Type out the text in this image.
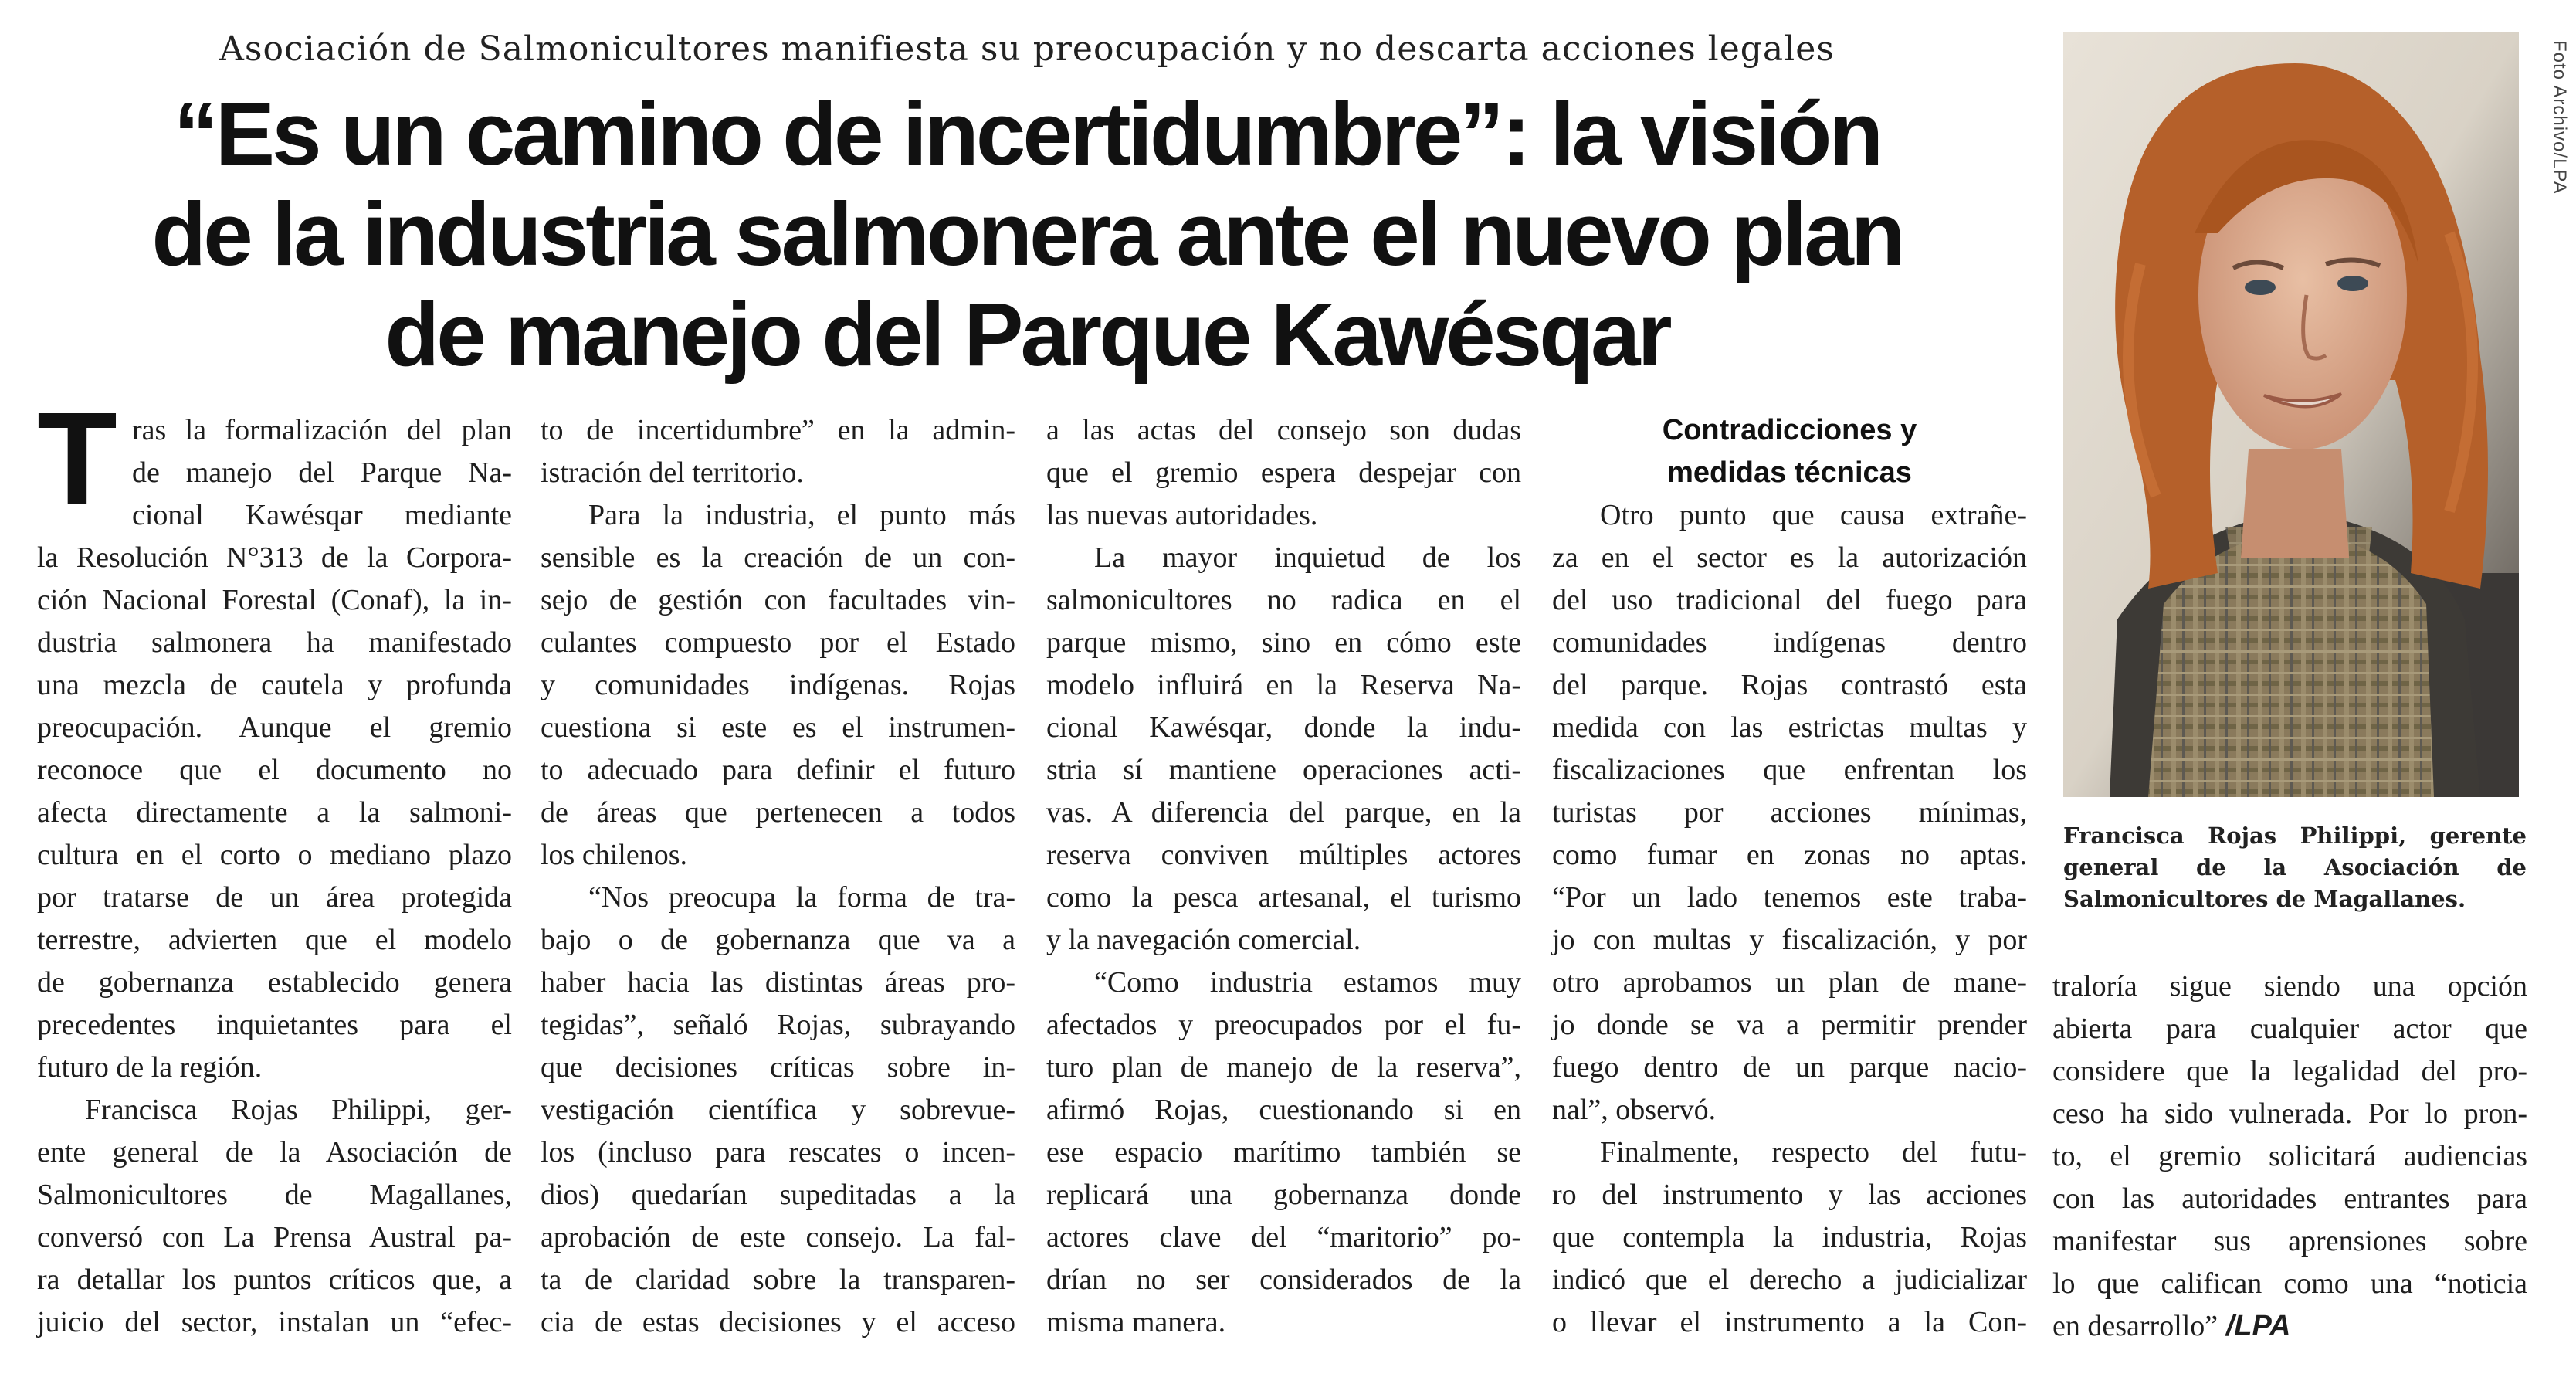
Asociación de Salmonicultores manifiesta su preocupación y no descarta acciones legales
“Es un camino de incertidumbre”: la visión
de la industria salmonera ante el nuevo plan
de manejo del Parque Kawésqar
T ras la formalización del plan
de manejo del Parque Na-
cional Kawésqar mediante
la Resolución N°313 de la Corpora-
ción Nacional Forestal (Conaf), la in-
dustria salmonera ha manifestado
una mezcla de cautela y profunda
preocupación. Aunque el gremio
reconoce que el documento no
afecta directamente a la salmoni-
cultura en el corto o mediano plazo
por tratarse de un área protegida
terrestre, advierten que el modelo
de gobernanza establecido genera
precedentes inquietantes para el
futuro de la región.
Francisca Rojas Philippi, ger-
ente general de la Asociación de
Salmonicultores de Magallanes,
conversó con La Prensa Austral pa-
ra detallar los puntos críticos que, a
juicio del sector, instalan un “efec-
to de incertidumbre” en la admin-
istración del territorio.
Para la industria, el punto más
sensible es la creación de un con-
sejo de gestión con facultades vin-
culantes compuesto por el Estado
y comunidades indígenas. Rojas
cuestiona si este es el instrumen-
to adecuado para definir el futuro
de áreas que pertenecen a todos
los chilenos.
“Nos preocupa la forma de tra-
bajo o de gobernanza que va a
haber hacia las distintas áreas pro-
tegidas”, señaló Rojas, subrayando
que decisiones críticas sobre in-
vestigación científica y sobrevue-
los (incluso para rescates o incen-
dios) quedarían supeditadas a la
aprobación de este consejo. La fal-
ta de claridad sobre la transparen-
cia de estas decisiones y el acceso
a las actas del consejo son dudas
que el gremio espera despejar con
las nuevas autoridades.
La mayor inquietud de los
salmonicultores no radica en el
parque mismo, sino en cómo este
modelo influirá en la Reserva Na-
cional Kawésqar, donde la indu-
stria sí mantiene operaciones acti-
vas. A diferencia del parque, en la
reserva conviven múltiples actores
como la pesca artesanal, el turismo
y la navegación comercial.
“Como industria estamos muy
afectados y preocupados por el fu-
turo plan de manejo de la reserva”,
afirmó Rojas, cuestionando si en
ese espacio marítimo también se
replicará una gobernanza donde
actores clave del “maritorio” po-
drían no ser considerados de la
misma manera.
Contradicciones y
medidas técnicas
Otro punto que causa extrañe-
za en el sector es la autorización
del uso tradicional del fuego para
comunidades indígenas dentro
del parque. Rojas contrastó esta
medida con las estrictas multas y
fiscalizaciones que enfrentan los
turistas por acciones mínimas,
como fumar en zonas no aptas.
“Por un lado tenemos este traba-
jo con multas y fiscalización, y por
otro aprobamos un plan de mane-
jo donde se va a permitir prender
fuego dentro de un parque nacio-
nal”, observó.
Finalmente, respecto del futu-
ro del instrumento y las acciones
que contempla la industria, Rojas
indicó que el derecho a judicializar
o llevar el instrumento a la Con-
Foto Archivo/LPA
Francisca Rojas Philippi, gerente
general de la Asociación de
Salmonicultores de Magallanes.
traloría sigue siendo una opción
abierta para cualquier actor que
considere que la legalidad del pro-
ceso ha sido vulnerada. Por lo pron-
to, el gremio solicitará audiencias
con las autoridades entrantes para
manifestar sus aprensiones sobre
lo que califican como una “noticia
en desarrollo” /LPA
